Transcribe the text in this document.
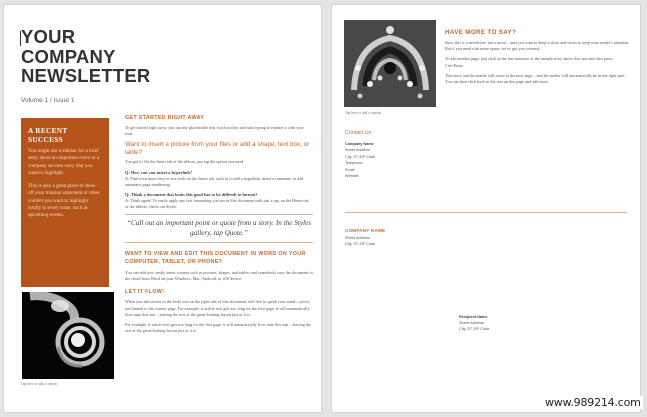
YOUR
COMPANY
NEWSLETTER
Volume 1 / Issue 1
A RECENT SUCCESS

You might use a sidebar for a brief story about an important event or a company success story that you want to highlight.

This is also a great place to show off your mission statement or other content you want to highlight boldly in every issue, such as upcoming events.

Tap here to add a caption
GET STARTED RIGHT AWAY
To get started right away, just tap any placeholder text (such as this) and start typing to replace it with your own.
Want to insert a picture from your files or add a shape, text box, or table?
You got it! On the Insert tab of the ribbon, just tap the option you need.
Q: How can you insert a hyperlink?
A: Find even more easy-to-use tools on the Insert tab, such as to add a hyperlink, insert a comment, or add automatic page numbering.
Q: Think a document that looks this good has to be difficult to format?
A: Think again! To easily apply any text formatting you see in this document with just a tap, on the Home tab of the ribbon, check out Styles.
“Call out an important point or quote from a story. In the Styles gallery, tap Quote.”
WANT TO VIEW AND EDIT THIS DOCUMENT IN WORD ON YOUR COMPUTER, TABLET, OR PHONE?
You can edit text; easily insert content such as pictures, shapes, and tables; and seamlessly save the document to the cloud from Word on your Windows, Mac, Android, or iOS device.
LET IT FLOW!
When you add stories to the body text on the right side of this document, feel free to speak your mind—you're not limited to the current page. For example, if article text gets too long for the first page, it will automatically flow onto this one – leaving the rest of the great-looking layout just as it is.
For example, if article text gets too long for the first page, it will automatically flow onto this one – leaving the rest of the great-looking layout just as it is.
Tap here to add a caption
HAVE MORE TO SAY?
Sure, this is a newsletter, not a novel – and you want to keep it short and sweet to keep your reader's attention. But if you need a bit more space, we've got you covered...
To add another page, just click in the last sentence of the sample story above this one and then press Ctrl+Enter.
This story and the mailer will move to the next page – and the mailer will automatically be in the right spot. You can then click back in the text on this page and add more.
Contact Us
Company Name
Street Address
City, ST ZIP Code
Telephone
Email
Website
COMPANY NAME
Street Address
City, ST ZIP Code
Recipient Name
Street Address
City, ST ZIP Code
www.989214.com
